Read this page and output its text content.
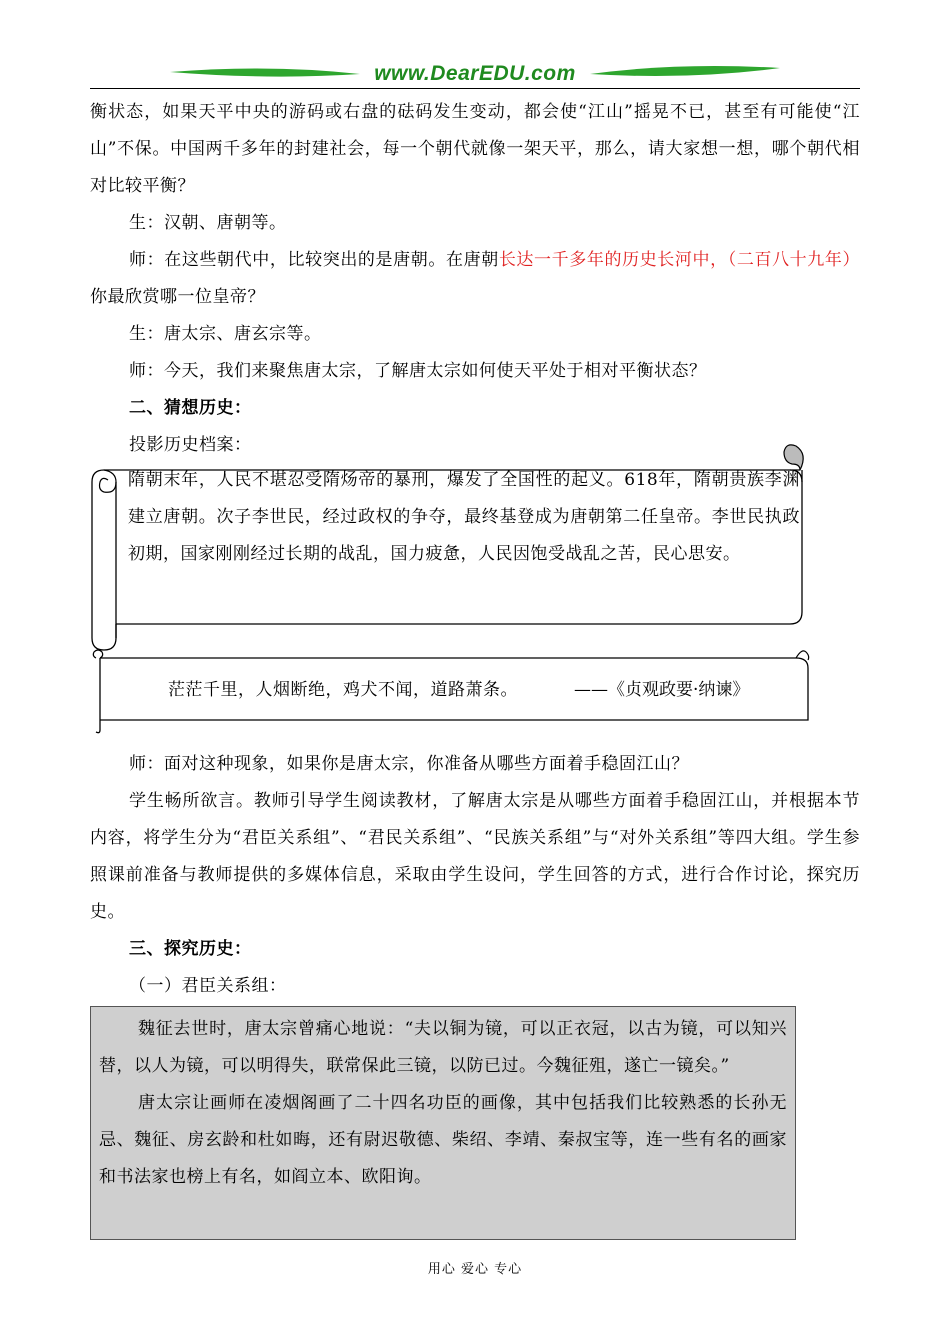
www.DearEDU.com

衡状态，如果天平中央的游码或右盘的砝码发生变动，都会使“江山”摇晃不已，甚至有可能使“江山”不保。中国两千多年的封建社会，每一个朝代就像一架天平，那么，请大家想一想，哪个朝代相对比较平衡？

生：汉朝、唐朝等。

师：在这些朝代中，比较突出的是唐朝。在唐朝长达一千多年的历史长河中，（二百八十九年）你最欣赏哪一位皇帝？

生：唐太宗、唐玄宗等。

师：今天，我们来聚焦唐太宗，了解唐太宗如何使天平处于相对平衡状态？

二、猜想历史：

投影历史档案：

隋朝末年，人民不堪忍受隋炀帝的暴刑，爆发了全国性的起义。618年，隋朝贵族李渊建立唐朝。次子李世民，经过政权的争夺，最终基登成为唐朝第二任皇帝。李世民执政初期，国家刚刚经过长期的战乱，国力疲惫，人民因饱受战乱之苦，民心思安。

茫茫千里，人烟断绝，鸡犬不闻，道路萧条。	——《贞观政要·纳谏》

师：面对这种现象，如果你是唐太宗，你准备从哪些方面着手稳固江山？

学生畅所欲言。教师引导学生阅读教材，了解唐太宗是从哪些方面着手稳固江山，并根据本节内容，将学生分为“君臣关系组”、“君民关系组”、“民族关系组”与“对外关系组”等四大组。学生参照课前准备与教师提供的多媒体信息，采取由学生设问，学生回答的方式，进行合作讨论，探究历史。

三、探究历史：

（一）君臣关系组：

魏征去世时，唐太宗曾痛心地说：“夫以铜为镜，可以正衣冠，以古为镜，可以知兴替，以人为镜，可以明得失，联常保此三镜，以防已过。今魏征殂，遂亡一镜矣。”

唐太宗让画师在凌烟阁画了二十四名功臣的画像，其中包括我们比较熟悉的长孙无忌、魏征、房玄龄和杜如晦，还有尉迟敬德、柴绍、李靖、秦叔宝等，连一些有名的画家和书法家也榜上有名，如阎立本、欧阳询。

用心 爱心 专心
